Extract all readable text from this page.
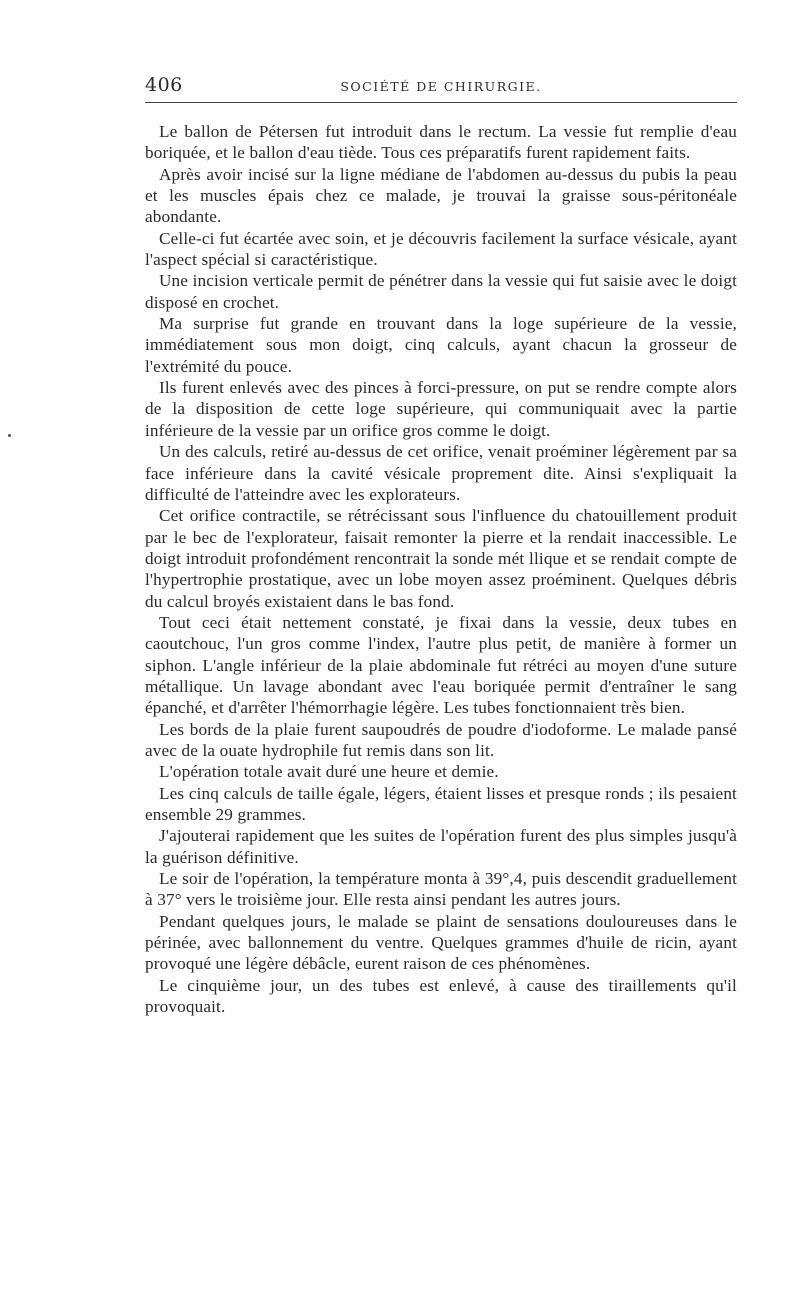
406	SOCIÉTÉ DE CHIRURGIE.

Le ballon de Pétersen fut introduit dans le rectum. La vessie fut remplie d'eau boriquée, et le ballon d'eau tiède. Tous ces préparatifs furent rapidement faits.

Après avoir incisé sur la ligne médiane de l'abdomen au-dessus du pubis la peau et les muscles épais chez ce malade, je trouvai la graisse sous-péritonéale abondante.

Celle-ci fut écartée avec soin, et je découvris facilement la surface vésicale, ayant l'aspect spécial si caractéristique.

Une incision verticale permit de pénétrer dans la vessie qui fut saisie avec le doigt disposé en crochet.

Ma surprise fut grande en trouvant dans la loge supérieure de la vessie, immédiatement sous mon doigt, cinq calculs, ayant chacun la grosseur de l'extrémité du pouce.

Ils furent enlevés avec des pinces à forci-pressure, on put se rendre compte alors de la disposition de cette loge supérieure, qui communiquait avec la partie inférieure de la vessie par un orifice gros comme le doigt.

Un des calculs, retiré au-dessus de cet orifice, venait proéminer légèrement par sa face inférieure dans la cavité vésicale proprement dite. Ainsi s'expliquait la difficulté de l'atteindre avec les explorateurs.

Cet orifice contractile, se rétrécissant sous l'influence du chatouillement produit par le bec de l'explorateur, faisait remonter la pierre et la rendait inaccessible. Le doigt introduit profondément rencontrait la sonde mét llique et se rendait compte de l'hypertrophie prostatique, avec un lobe moyen assez proéminent. Quelques débris du calcul broyés existaient dans le bas fond.

Tout ceci était nettement constaté, je fixai dans la vessie, deux tubes en caoutchouc, l'un gros comme l'index, l'autre plus petit, de manière à former un siphon. L'angle inférieur de la plaie abdominale fut rétréci au moyen d'une suture métallique. Un lavage abondant avec l'eau boriquée permit d'entraîner le sang épanché, et d'arrêter l'hémorrhagie légère. Les tubes fonctionnaient très bien.

Les bords de la plaie furent saupoudrés de poudre d'iodoforme. Le malade pansé avec de la ouate hydrophile fut remis dans son lit.

L'opération totale avait duré une heure et demie.

Les cinq calculs de taille égale, légers, étaient lisses et presque ronds ; ils pesaient ensemble 29 grammes.

J'ajouterai rapidement que les suites de l'opération furent des plus simples jusqu'à la guérison définitive.

Le soir de l'opération, la température monta à 39°,4, puis descendit graduellement à 37° vers le troisième jour. Elle resta ainsi pendant les autres jours.

Pendant quelques jours, le malade se plaint de sensations douloureuses dans le périnée, avec ballonnement du ventre. Quelques grammes d'huile de ricin, ayant provoqué une légère débâcle, eurent raison de ces phénomènes.

Le cinquième jour, un des tubes est enlevé, à cause des tiraillements qu'il provoquait.
